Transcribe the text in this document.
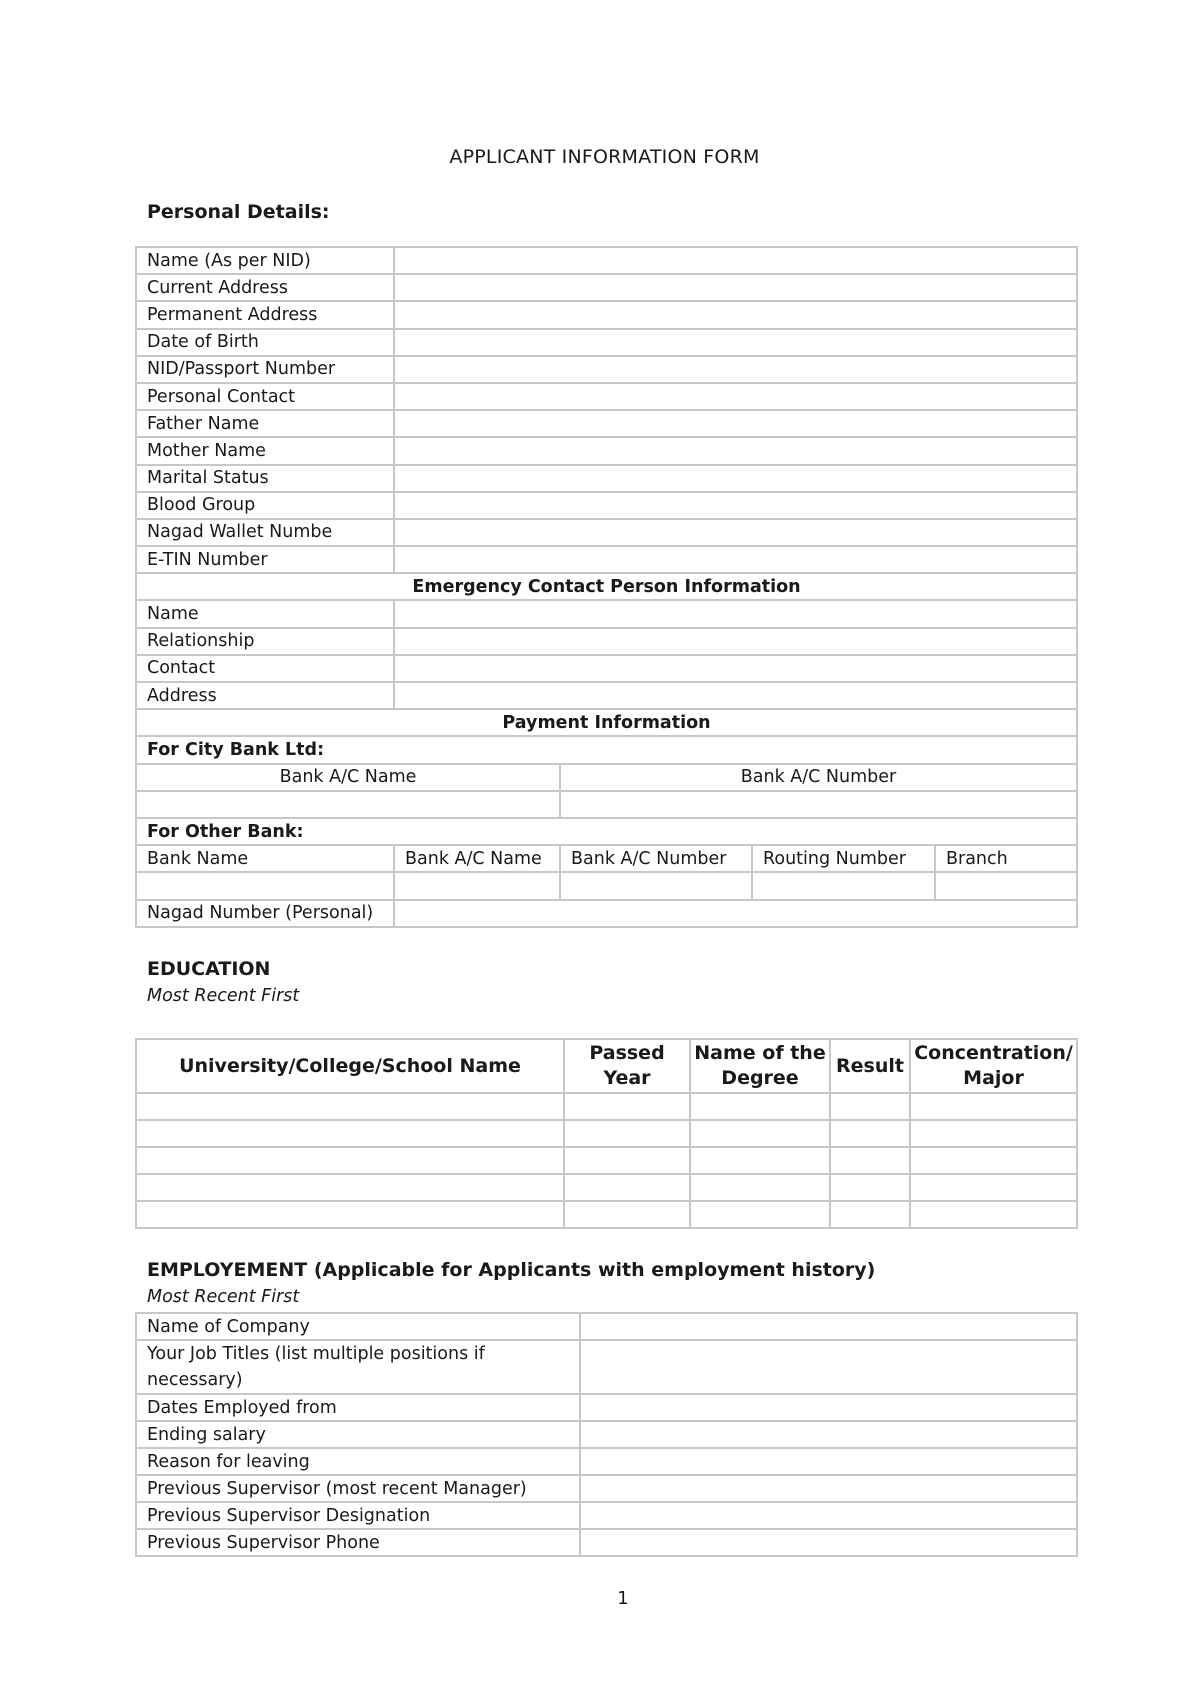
APPLICANT INFORMATION FORM
Personal Details:
Name (As per NID)				
Current Address				
Permanent Address				
Date of Birth				
NID/Passport Number				
Personal Contact				
Father Name				
Mother Name				
Marital Status				
Blood Group				
Nagad Wallet Numbe				
E-TIN Number				
Emergency Contact Person Information				
Name				
Relationship				
Contact				
Address				
Payment Information				
For City Bank Ltd:				
Bank A/C Name		Bank A/C Number		

For Other Bank:				
Bank Name	Bank A/C Name	Bank A/C Number	Routing Number	Branch

Nagad Number (Personal)				
EDUCATION
Most Recent First
University/College/School Name	Passed Year	Name of the Degree	Result	Concentration/ Major

EMPLOYEMENT (Applicable for Applicants with employment history)
Most Recent First
Name of Company	
Your Job Titles (list multiple positions if necessary)	
Dates Employed from	
Ending salary	
Reason for leaving	
Previous Supervisor (most recent Manager)	
Previous Supervisor Designation	
Previous Supervisor Phone	
1
